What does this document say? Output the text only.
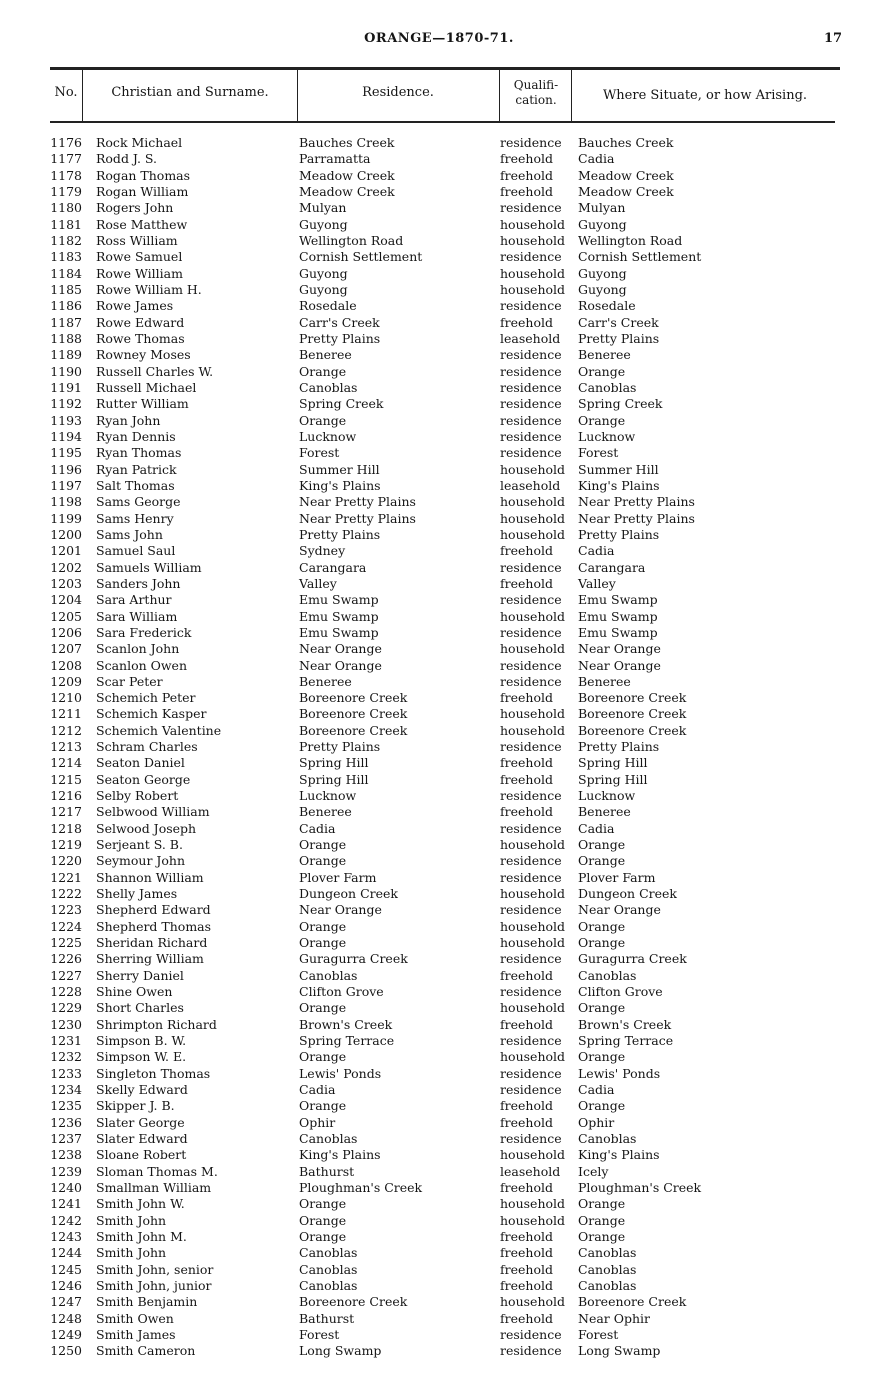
ORANGE—1870-71.	17
No.	Christian and Surname.	Residence.	Qualifi-cation.	Where Situate, or how Arising.
1176 Rock Michael	Bauches Creek	residence Bauches Creek
1177 Rodd J. S.	Parramatta	freehold Cadia
1178 Rogan Thomas	Meadow Creek	freehold Meadow Creek
1179 Rogan William	Meadow Creek	freehold Meadow Creek
1180 Rogers John	Mulyan	residence Mulyan
1181 Rose Matthew	Guyong	household Guyong
1182 Ross William	Wellington Road	household Wellington Road
1183 Rowe Samuel	Cornish Settlement	residence Cornish Settlement
1184 Rowe William	Guyong	household Guyong
1185 Rowe William H.	Guyong	household Guyong
1186 Rowe James	Rosedale	residence Rosedale
1187 Rowe Edward	Carr's Creek	freehold Carr's Creek
1188 Rowe Thomas	Pretty Plains	leasehold Pretty Plains
1189 Rowney Moses	Beneree	residence Beneree
1190 Russell Charles W.	Orange	residence Orange
1191 Russell Michael	Canoblas	residence Canoblas
1192 Rutter William	Spring Creek	residence Spring Creek
1193 Ryan John	Orange	residence Orange
1194 Ryan Dennis	Lucknow	residence Lucknow
1195 Ryan Thomas	Forest	residence Forest
1196 Ryan Patrick	Summer Hill	household Summer Hill
1197 Salt Thomas	King's Plains	leasehold King's Plains
1198 Sams George	Near Pretty Plains	household Near Pretty Plains
1199 Sams Henry	Near Pretty Plains	household Near Pretty Plains
1200 Sams John	Pretty Plains	household Pretty Plains
1201 Samuel Saul	Sydney	freehold Cadia
1202 Samuels William	Carangara	residence Carangara
1203 Sanders John	Valley	freehold Valley
1204 Sara Arthur	Emu Swamp	residence Emu Swamp
1205 Sara William	Emu Swamp	household Emu Swamp
1206 Sara Frederick	Emu Swamp	residence Emu Swamp
1207 Scanlon John	Near Orange	household Near Orange
1208 Scanlon Owen	Near Orange	residence Near Orange
1209 Scar Peter	Beneree	residence Beneree
1210 Schemich Peter	Boreenore Creek	freehold Boreenore Creek
1211 Schemich Kasper	Boreenore Creek	household Boreenore Creek
1212 Schemich Valentine	Boreenore Creek	household Boreenore Creek
1213 Schram Charles	Pretty Plains	residence Pretty Plains
1214 Seaton Daniel	Spring Hill	freehold Spring Hill
1215 Seaton George	Spring Hill	freehold Spring Hill
1216 Selby Robert	Lucknow	residence Lucknow
1217 Selbwood William	Beneree	freehold Beneree
1218 Selwood Joseph	Cadia	residence Cadia
1219 Serjeant S. B.	Orange	household Orange
1220 Seymour John	Orange	residence Orange
1221 Shannon William	Plover Farm	residence Plover Farm
1222 Shelly James	Dungeon Creek	household Dungeon Creek
1223 Shepherd Edward	Near Orange	residence Near Orange
1224 Shepherd Thomas	Orange	household Orange
1225 Sheridan Richard	Orange	household Orange
1226 Sherring William	Guragurra Creek	residence Guragurra Creek
1227 Sherry Daniel	Canoblas	freehold Canoblas
1228 Shine Owen	Clifton Grove	residence Clifton Grove
1229 Short Charles	Orange	household Orange
1230 Shrimpton Richard	Brown's Creek	freehold Brown's Creek
1231 Simpson B. W.	Spring Terrace	residence Spring Terrace
1232 Simpson W. E.	Orange	household Orange
1233 Singleton Thomas	Lewis' Ponds	residence Lewis' Ponds
1234 Skelly Edward	Cadia	residence Cadia
1235 Skipper J. B.	Orange	freehold Orange
1236 Slater George	Ophir	freehold Ophir
1237 Slater Edward	Canoblas	residence Canoblas
1238 Sloane Robert	King's Plains	household King's Plains
1239 Sloman Thomas M.	Bathurst	leasehold Icely
1240 Smallman William	Ploughman's Creek	freehold Ploughman's Creek
1241 Smith John W.	Orange	household Orange
1242 Smith John	Orange	household Orange
1243 Smith John M.	Orange	freehold Orange
1244 Smith John	Canoblas	freehold Canoblas
1245 Smith John, senior	Canoblas	freehold Canoblas
1246 Smith John, junior	Canoblas	freehold Canoblas
1247 Smith Benjamin	Boreenore Creek	household Boreenore Creek
1248 Smith Owen	Bathurst	freehold Near Ophir
1249 Smith James	Forest	residence Forest
1250 Smith Cameron	Long Swamp	residence Long Swamp
